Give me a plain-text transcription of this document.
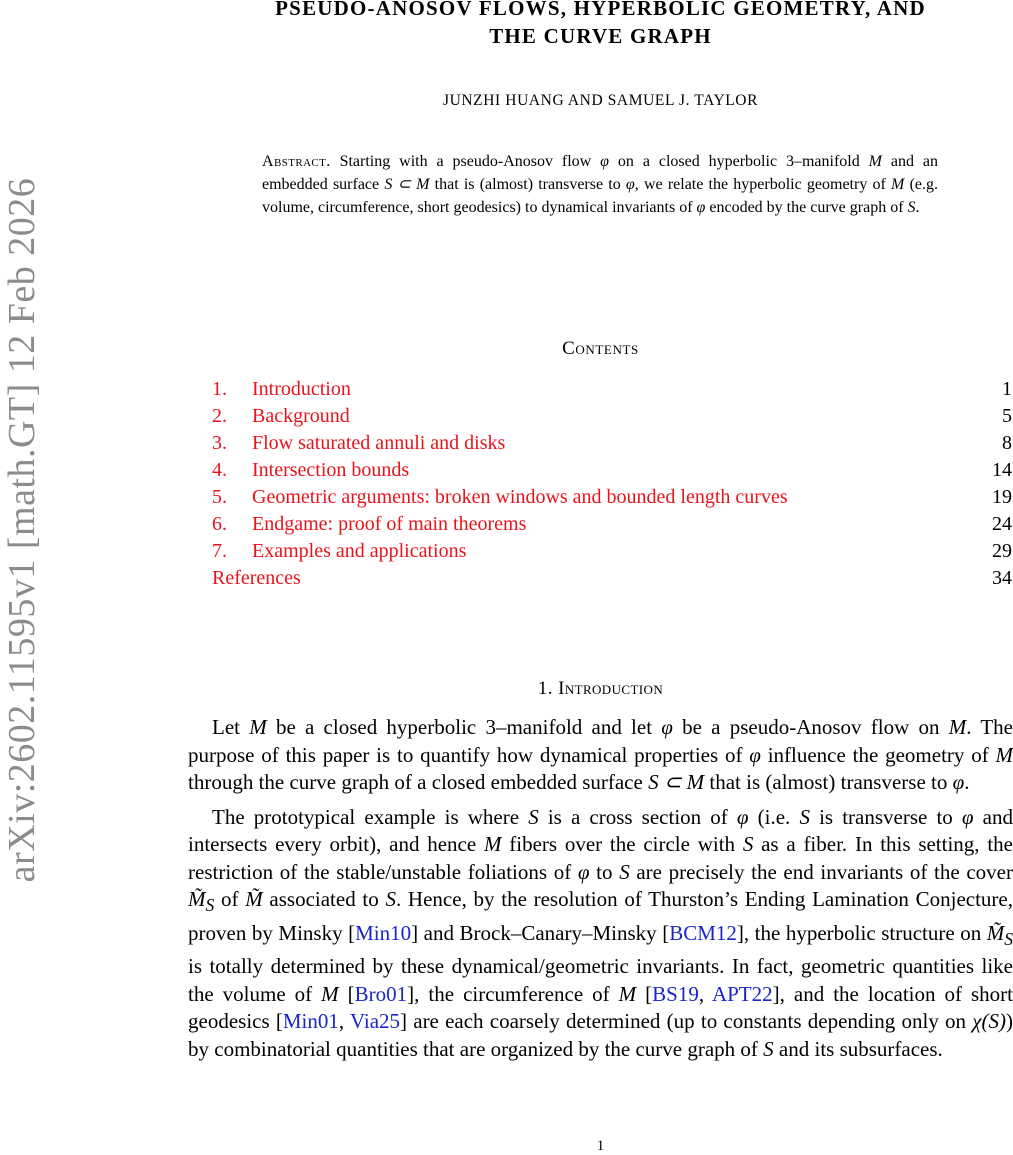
arXiv:2602.11595v1 [math.GT] 12 Feb 2026
PSEUDO-ANOSOV FLOWS, HYPERBOLIC GEOMETRY, AND
THE CURVE GRAPH
JUNZHI HUANG AND SAMUEL J. TAYLOR
Abstract. Starting with a pseudo-Anosov flow φ on a closed hyperbolic 3–manifold M and an embedded surface S ⊂ M that is (almost) transverse to φ, we relate the hyperbolic geometry of M (e.g. volume, circumference, short geodesics) to dynamical invariants of φ encoded by the curve graph of S.
Contents
1. Introduction	1
2. Background	5
3. Flow saturated annuli and disks	8
4. Intersection bounds	14
5. Geometric arguments: broken windows and bounded length curves	19
6. Endgame: proof of main theorems	24
7. Examples and applications	29
References	34
1. Introduction

Let M be a closed hyperbolic 3–manifold and let φ be a pseudo-Anosov flow on M. The purpose of this paper is to quantify how dynamical properties of φ influence the geometry of M through the curve graph of a closed embedded surface S ⊂ M that is (almost) transverse to φ.

The prototypical example is where S is a cross section of φ (i.e. S is transverse to φ and intersects every orbit), and hence M fibers over the circle with S as a fiber. In this setting, the restriction of the stable/unstable foliations of φ to S are precisely the end invariants of the cover $M̃_S$ of M̃ associated to S. Hence, by the resolution of Thurston’s Ending Lamination Conjecture, proven by Minsky [Min10] and Brock–Canary–Minsky [BCM12], the hyperbolic structure on $M̃_S$ is totally determined by these dynamical/geometric invariants. In fact, geometric quantities like the volume of M [Bro01], the circumference of M [BS19, APT22], and the location of short geodesics [Min01, Via25] are each coarsely determined (up to constants depending only on χ(S)) by combinatorial quantities that are organized by the curve graph of S and its subsurfaces.

1
